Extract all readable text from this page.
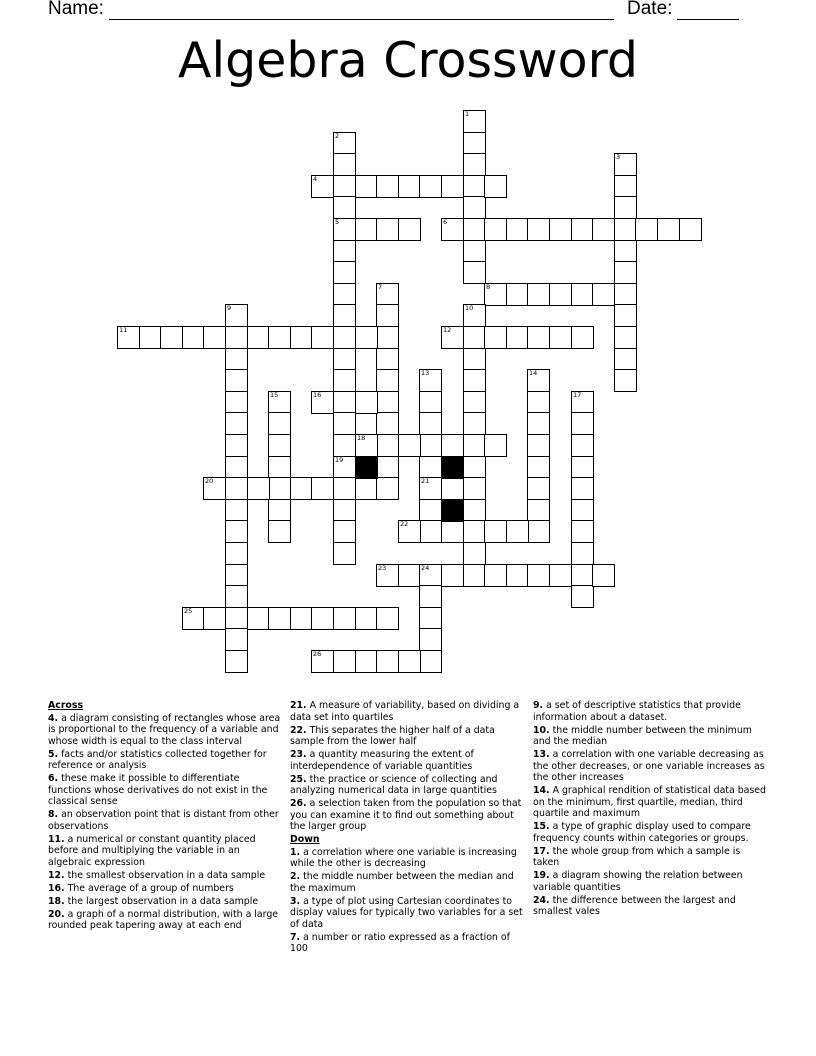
Name:	Date:
Algebra Crossword
1
2
5
19
3
4
6
7	8
9	10
11	12
13
21
14
15	16	17
18
20
22
23	24
25
26
Across
4. a diagram consisting of rectangles whose area is proportional to the frequency of a variable and whose width is equal to the class interval
5. facts and/or statistics collected together for reference or analysis
6. these make it possible to differentiate functions whose derivatives do not exist in the classical sense
8. an observation point that is distant from other observations
11. a numerical or constant quantity placed before and multiplying the variable in an algebraic expression
12. the smallest observation in a data sample
16. The average of a group of numbers
18. the largest observation in a data sample
20. a graph of a normal distribution, with a large rounded peak tapering away at each end
21. A measure of variability, based on dividing a data set into quartiles
22. This separates the higher half of a data sample from the lower half
23. a quantity measuring the extent of interdependence of variable quantities
25. the practice or science of collecting and analyzing numerical data in large quantities
26. a selection taken from the population so that you can examine it to find out something about the larger group
Down
1. a correlation where one variable is increasing while the other is decreasing
2. the middle number between the median and the maximum
3. a type of plot using Cartesian coordinates to display values for typically two variables for a set of data
7. a number or ratio expressed as a fraction of 100
9. a set of descriptive statistics that provide information about a dataset.
10. the middle number between the minimum and the median
13. a correlation with one variable decreasing as the other decreases, or one variable increases as the other increases
14. A graphical rendition of statistical data based on the minimum, first quartile, median, third quartile and maximum
15. a type of graphic display used to compare frequency counts within categories or groups.
17. the whole group from which a sample is taken
19. a diagram showing the relation between variable quantities
24. the difference between the largest and smallest vales
